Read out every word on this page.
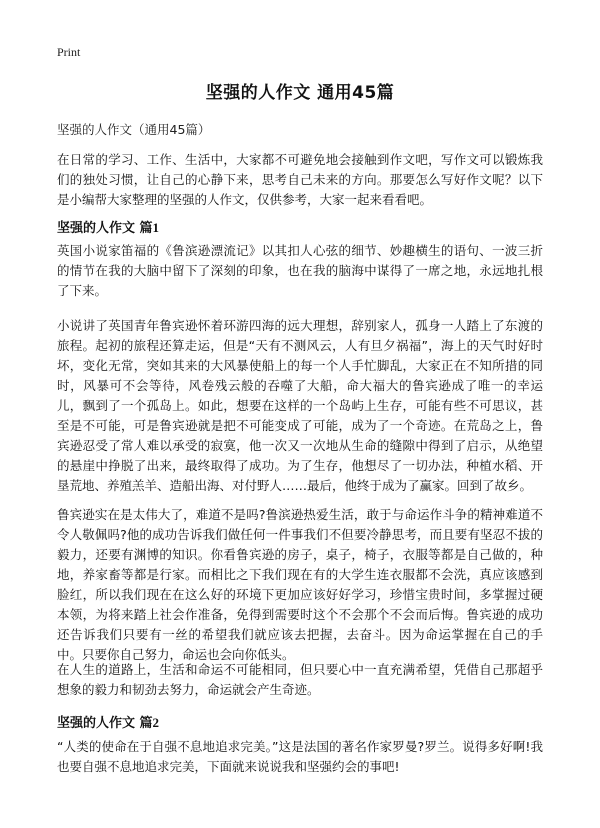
Print
坚强的人作文 通用45篇
坚强的人作文（通用45篇）

在日常的学习、工作、生活中，大家都不可避免地会接触到作文吧，写作文可以锻炼我们的独处习惯，让自己的心静下来，思考自己未来的方向。那要怎么写好作文呢？以下是小编帮大家整理的坚强的人作文，仅供参考，大家一起来看看吧。

坚强的人作文 篇1

英国小说家笛福的《鲁滨逊漂流记》以其扣人心弦的细节、妙趣横生的语句、一波三折的情节在我的大脑中留下了深刻的印象，也在我的脑海中谋得了一席之地，永远地扎根了下来。

小说讲了英国青年鲁宾逊怀着环游四海的远大理想，辞别家人，孤身一人踏上了东渡的旅程。起初的旅程还算走运，但是“天有不测风云，人有旦夕祸福”，海上的天气时好时坏，变化无常，突如其来的大风暴使船上的每一个人手忙脚乱，大家正在不知所措的同时，风暴可不会等待，风卷残云般的吞噬了大船，命大福大的鲁宾逊成了唯一的幸运儿，飘到了一个孤岛上。如此，想要在这样的一个岛屿上生存，可能有些不可思议，甚至是不可能，可是鲁宾逊就是把不可能变成了可能，成为了一个奇迹。在荒岛之上，鲁宾逊忍受了常人难以承受的寂寞，他一次又一次地从生命的缝隙中得到了启示，从绝望的悬崖中挣脱了出来，最终取得了成功。为了生存，他想尽了一切办法，种植水稻、开垦荒地、养殖羔羊、造船出海、对付野人……最后，他终于成为了赢家。回到了故乡。

鲁宾逊实在是太伟大了，难道不是吗?鲁滨逊热爱生活，敢于与命运作斗争的精神难道不令人敬佩吗?他的成功告诉我们做任何一件事我们不但要冷静思考，而且要有坚忍不拔的毅力，还要有渊博的知识。你看鲁宾逊的房子，桌子，椅子，衣服等都是自己做的，种地，养家畜等都是行家。而相比之下我们现在有的大学生连衣服都不会洗，真应该感到脸红，所以我们现在在这么好的环境下更加应该好好学习，珍惜宝贵时间，多掌握过硬本领，为将来踏上社会作准备，免得到需要时这个不会那个不会而后悔。鲁宾逊的成功还告诉我们只要有一丝的希望我们就应该去把握，去奋斗。因为命运掌握在自己的手中。只要你自己努力，命运也会向你低头。

在人生的道路上，生活和命运不可能相同，但只要心中一直充满希望，凭借自己那超乎想象的毅力和韧劲去努力，命运就会产生奇迹。

坚强的人作文 篇2

“人类的使命在于自强不息地追求完美。”这是法国的著名作家罗曼?罗兰。说得多好啊!我也要自强不息地追求完美，下面就来说说我和坚强约会的事吧!
